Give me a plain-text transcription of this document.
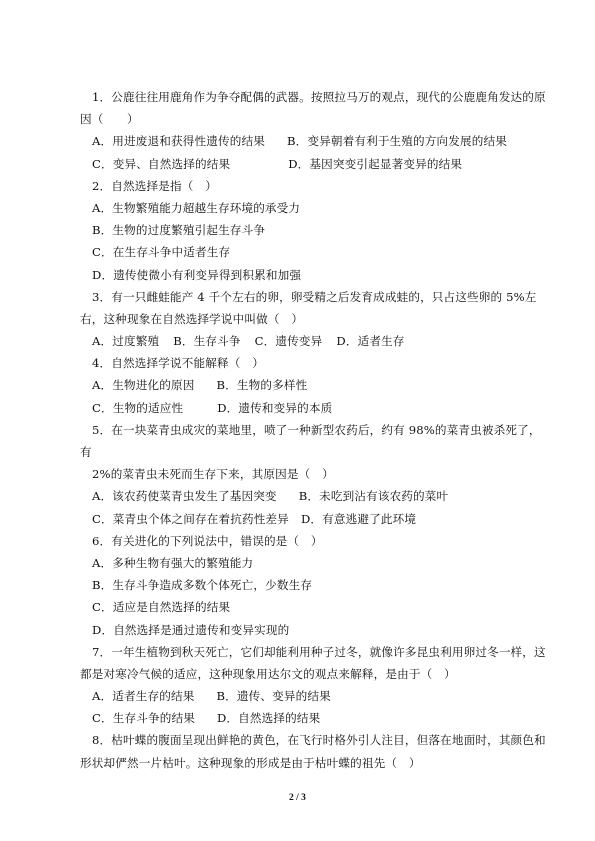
1．公鹿往往用鹿角作为争夺配偶的武器。按照拉马万的观点，现代的公鹿鹿角发达的原
因（　　）
A．用进废退和获得性遗传的结果 B．变异朝着有利于生殖的方向发展的结果
C．变异、自然选择的结果	D．基因突变引起显著变异的结果
2．自然选择是指（　）
A．生物繁殖能力超越生存环境的承受力
B．生物的过度繁殖引起生存斗争
C．在生存斗争中适者生存
D．遗传使微小有利变异得到积累和加强
3．有一只雌蛙能产 4 千个左右的卵，卵受精之后发育成成蛙的，只占这些卵的 5%左
右，这种现象在自然选择学说中叫做（　）
A．过度繁殖 B．生存斗争 C．遗传变异 D．适者生存
4．自然选择学说不能解释（　）
A．生物进化的原因 B．生物的多样性
C．生物的适应性	D．遗传和变异的本质
5．在一块菜青虫成灾的菜地里，喷了一种新型农药后，约有 98%的菜青虫被杀死了，
有
2%的菜青虫未死而生存下来，其原因是（　）
A．该农药使菜青虫发生了基因突变 B．未吃到沾有该农药的菜叶
C．菜青虫个体之间存在着抗药性差异 D．有意逃避了此环境
6．有关进化的下列说法中，错误的是（　）
A．多种生物有强大的繁殖能力
B．生存斗争造成多数个体死亡，少数生存
C．适应是自然选择的结果
D．自然选择是通过遗传和变异实现的
7．一年生植物到秋天死亡，它们却能利用种子过冬，就像许多昆虫利用卵过冬一样，这
都是对寒冷气候的适应，这种现象用达尔文的观点来解释，是由于（　）
A．适者生存的结果 B．遗传、变异的结果
C．生存斗争的结果 D．自然选择的结果
8．枯叶蝶的腹面呈现出鲜艳的黄色，在飞行时格外引人注目，但落在地面时，其颜色和
形状却俨然一片枯叶。这种现象的形成是由于枯叶蝶的祖先（　）
2 / 3
